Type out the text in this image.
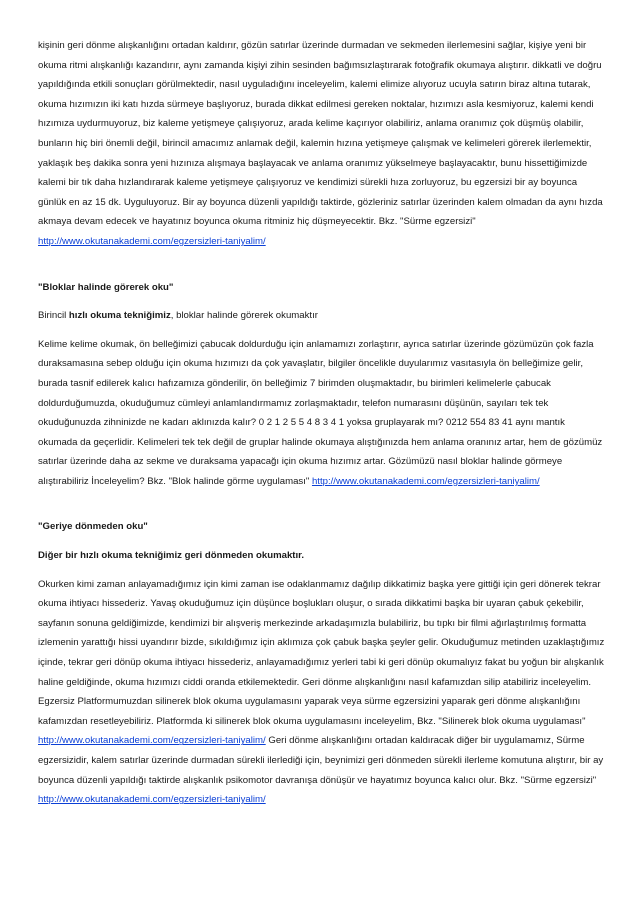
kişinin geri dönme alışkanlığını ortadan kaldırır, gözün satırlar üzerinde durmadan ve sekmeden ilerlemesini sağlar, kişiye yeni bir okuma ritmi alışkanlığı kazandırır, aynı zamanda kişiyi zihin sesinden bağımsızlaştırarak fotoğrafik okumaya alıştırır. dikkatli ve doğru yapıldığında etkili sonuçları görülmektedir, nasıl uyguladığını inceleyelim, kalemi elimize alıyoruz ucuyla satırın biraz altına tutarak, okuma hızımızın iki katı hızda sürmeye başlıyoruz, burada dikkat edilmesi gereken noktalar, hızımızı asla kesmiyoruz, kalemi kendi hızımıza uydurmuyoruz, biz kaleme yetişmeye çalışıyoruz, arada kelime kaçırıyor olabiliriz, anlama oranımız çok düşmüş olabilir, bunların hiç biri önemli değil, birincil amacımız anlamak değil, kalemin hızına yetişmeye çalışmak ve kelimeleri görerek ilerlemektir, yaklaşık beş dakika sonra yeni hızınıza alışmaya başlayacak ve anlama oranımız yükselmeye başlayacaktır, bunu hissettiğimizde kalemi bir tık daha hızlandırarak kaleme yetişmeye çalışıyoruz ve kendimizi sürekli hıza zorluyoruz, bu egzersizi bir ay boyunca günlük en az 15 dk. Uyguluyoruz. Bir ay boyunca düzenli yapıldığı taktirde, gözleriniz satırlar üzerinden kalem olmadan da aynı hızda akmaya devam edecek ve hayatınız boyunca okuma ritminiz hiç düşmeyecektir. Bkz. "Sürme egzersizi" http://www.okutanakademi.com/egzersizleri-taniyalim/

"Bloklar halinde görerek oku"

Birincil hızlı okuma tekniğimiz, bloklar halinde görerek okumaktır

Kelime kelime okumak, ön belleğimizi çabucak doldurduğu için anlamamızı zorlaştırır, ayrıca satırlar üzerinde gözümüzün çok fazla duraksamasına sebep olduğu için okuma hızımızı da çok yavaşlatır, bilgiler öncelikle duyularımız vasıtasıyla ön belleğimize gelir, burada tasnif edilerek kalıcı hafızamıza gönderilir, ön belleğimiz 7 birimden oluşmaktadır, bu birimleri kelimelerle çabucak doldurduğumuzda, okuduğumuz cümleyi anlamlandırmamız zorlaşmaktadır, telefon numarasını düşünün, sayıları tek tek okuduğunuzda zihninizde ne kadarı aklınızda kalır? 0 2 1 2 5 5 4 8 3 4 1 yoksa gruplayarak mı? 0212 554 83 41 aynı mantık okumada da geçerlidir. Kelimeleri tek tek değil de gruplar halinde okumaya alıştığınızda hem anlama oranınız artar, hem de gözümüz satırlar üzerinde daha az sekme ve duraksama yapacağı için okuma hızımız artar. Gözümüzü nasıl bloklar halinde görmeye alıştırabiliriz İnceleyelim? Bkz. "Blok halinde görme uygulaması" http://www.okutanakademi.com/egzersizleri-taniyalim/

"Geriye dönmeden oku"

Diğer bir hızlı okuma tekniğimiz geri dönmeden okumaktır.

Okurken kimi zaman anlayamadığımız için kimi zaman ise odaklanmamız dağılıp dikkatimiz başka yere gittiği için geri dönerek tekrar okuma ihtiyacı hissederiz. Yavaş okuduğumuz için düşünce boşlukları oluşur, o sırada dikkatimi başka bir uyaran çabuk çekebilir, sayfanın sonuna geldiğimizde, kendimizi bir alışveriş merkezinde arkadaşımızla bulabiliriz, bu tıpkı bir filmi ağırlaştırılmış formatta izlemenin yarattığı hissi uyandırır bizde, sıkıldığımız için aklımıza çok çabuk başka şeyler gelir. Okuduğumuz metinden uzaklaştığımız içinde, tekrar geri dönüp okuma ihtiyacı hissederiz, anlayamadığımız yerleri tabi ki geri dönüp okumalıyız fakat bu yoğun bir alışkanlık haline geldiğinde, okuma hızımızı ciddi oranda etkilemektedir. Geri dönme alışkanlığını nasıl kafamızdan silip atabiliriz inceleyelim. Egzersiz Platformumuzdan silinerek blok okuma uygulamasını yaparak veya sürme egzersizini yaparak geri dönme alışkanlığını kafamızdan resetleyebiliriz. Platformda ki silinerek blok okuma uygulamasını inceleyelim, Bkz. "Silinerek blok okuma uygulaması" http://www.okutanakademi.com/egzersizleri-taniyalim/ Geri dönme alışkanlığını ortadan kaldıracak diğer bir uygulamamız, Sürme egzersizidir, kalem satırlar üzerinde durmadan sürekli ilerlediği için, beynimizi geri dönmeden sürekli ilerleme komutuna alıştırır, bir ay boyunca düzenli yapıldığı taktirde alışkanlık psikomotor davranışa dönüşür ve hayatımız boyunca kalıcı olur. Bkz. "Sürme egzersizi" http://www.okutanakademi.com/egzersizleri-taniyalim/
